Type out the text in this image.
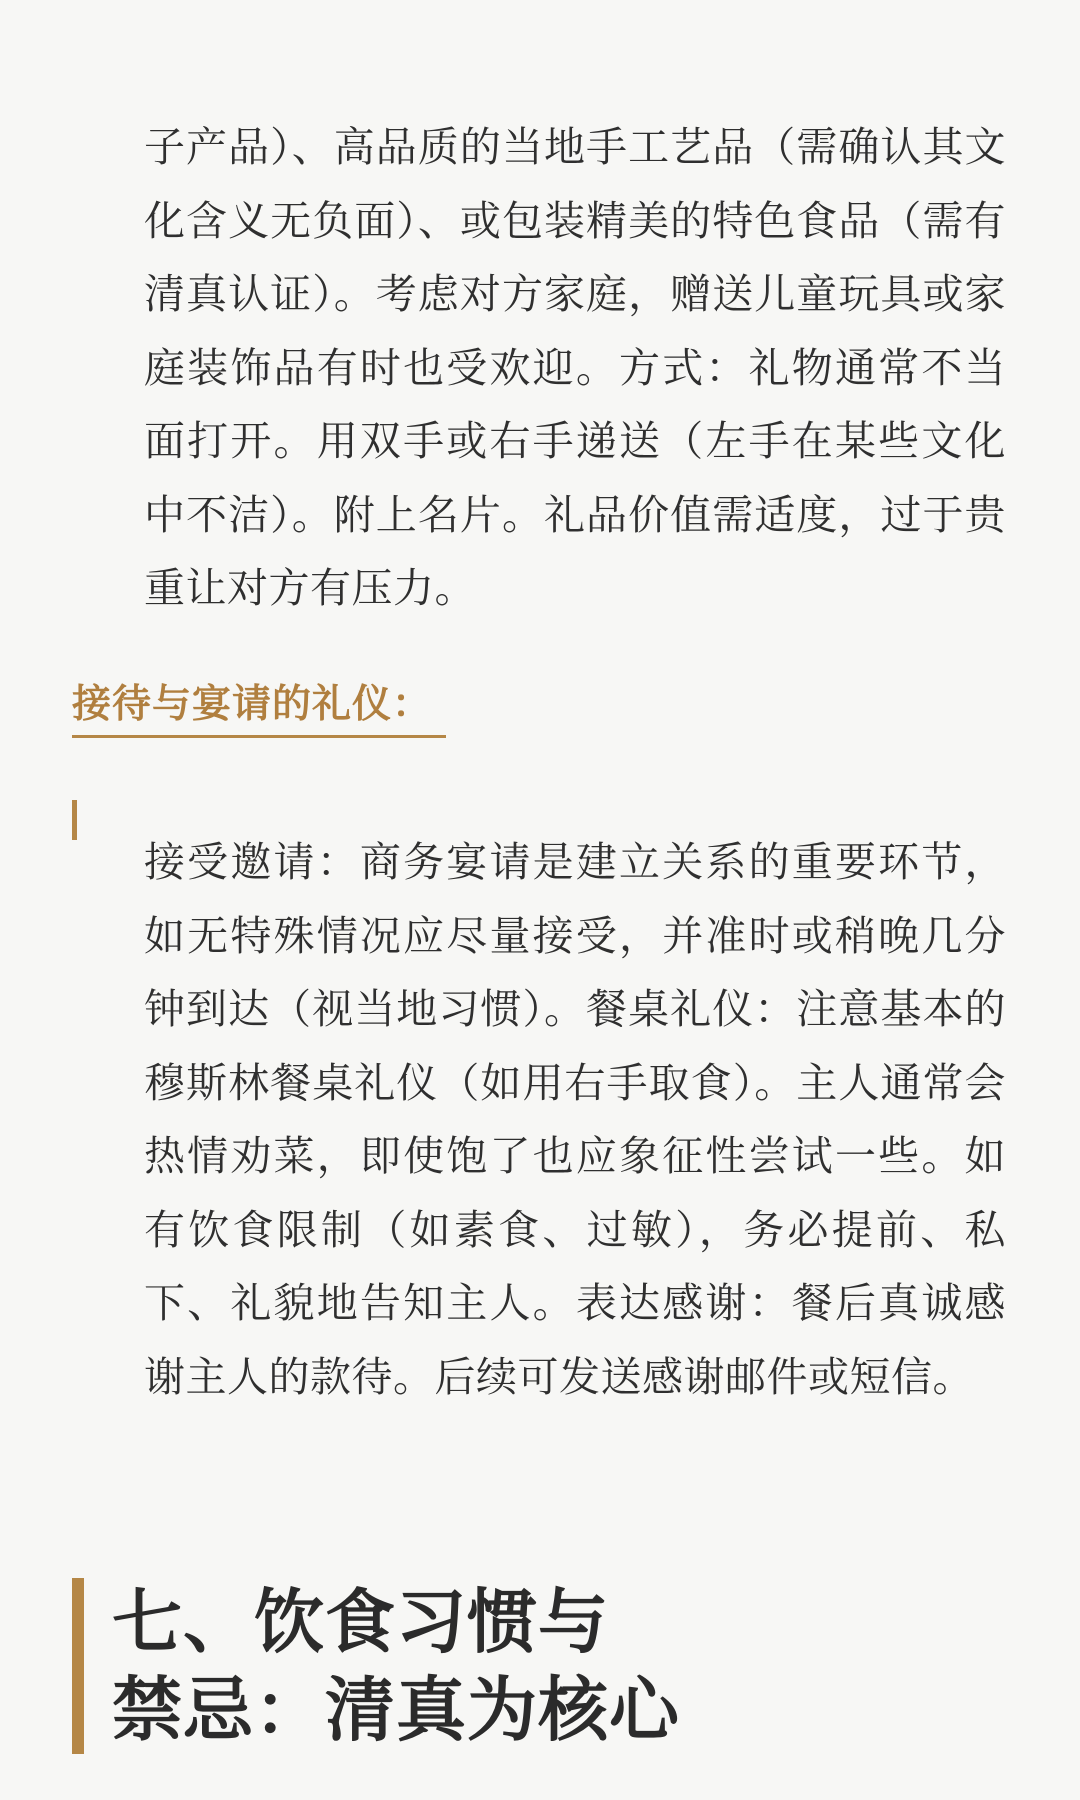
子产品）、高品质的当地手工艺品（需确认其文化含义无负面）、或包装精美的特色食品（需有清真认证）。考虑对方家庭，赠送儿童玩具或家庭装饰品有时也受欢迎。方式：礼物通常不当面打开。用双手或右手递送（左手在某些文化中不洁）。附上名片。礼品价值需适度，过于贵重让对方有压力。

接待与宴请的礼仪：

接受邀请：商务宴请是建立关系的重要环节，如无特殊情况应尽量接受，并准时或稍晚几分钟到达（视当地习惯）。餐桌礼仪：注意基本的穆斯林餐桌礼仪（如用右手取食）。主人通常会热情劝菜，即使饱了也应象征性尝试一些。如有饮食限制（如素食、过敏），务必提前、私下、礼貌地告知主人。表达感谢：餐后真诚感谢主人的款待。后续可发送感谢邮件或短信。

七、饮食习惯与
禁忌：清真为核心
